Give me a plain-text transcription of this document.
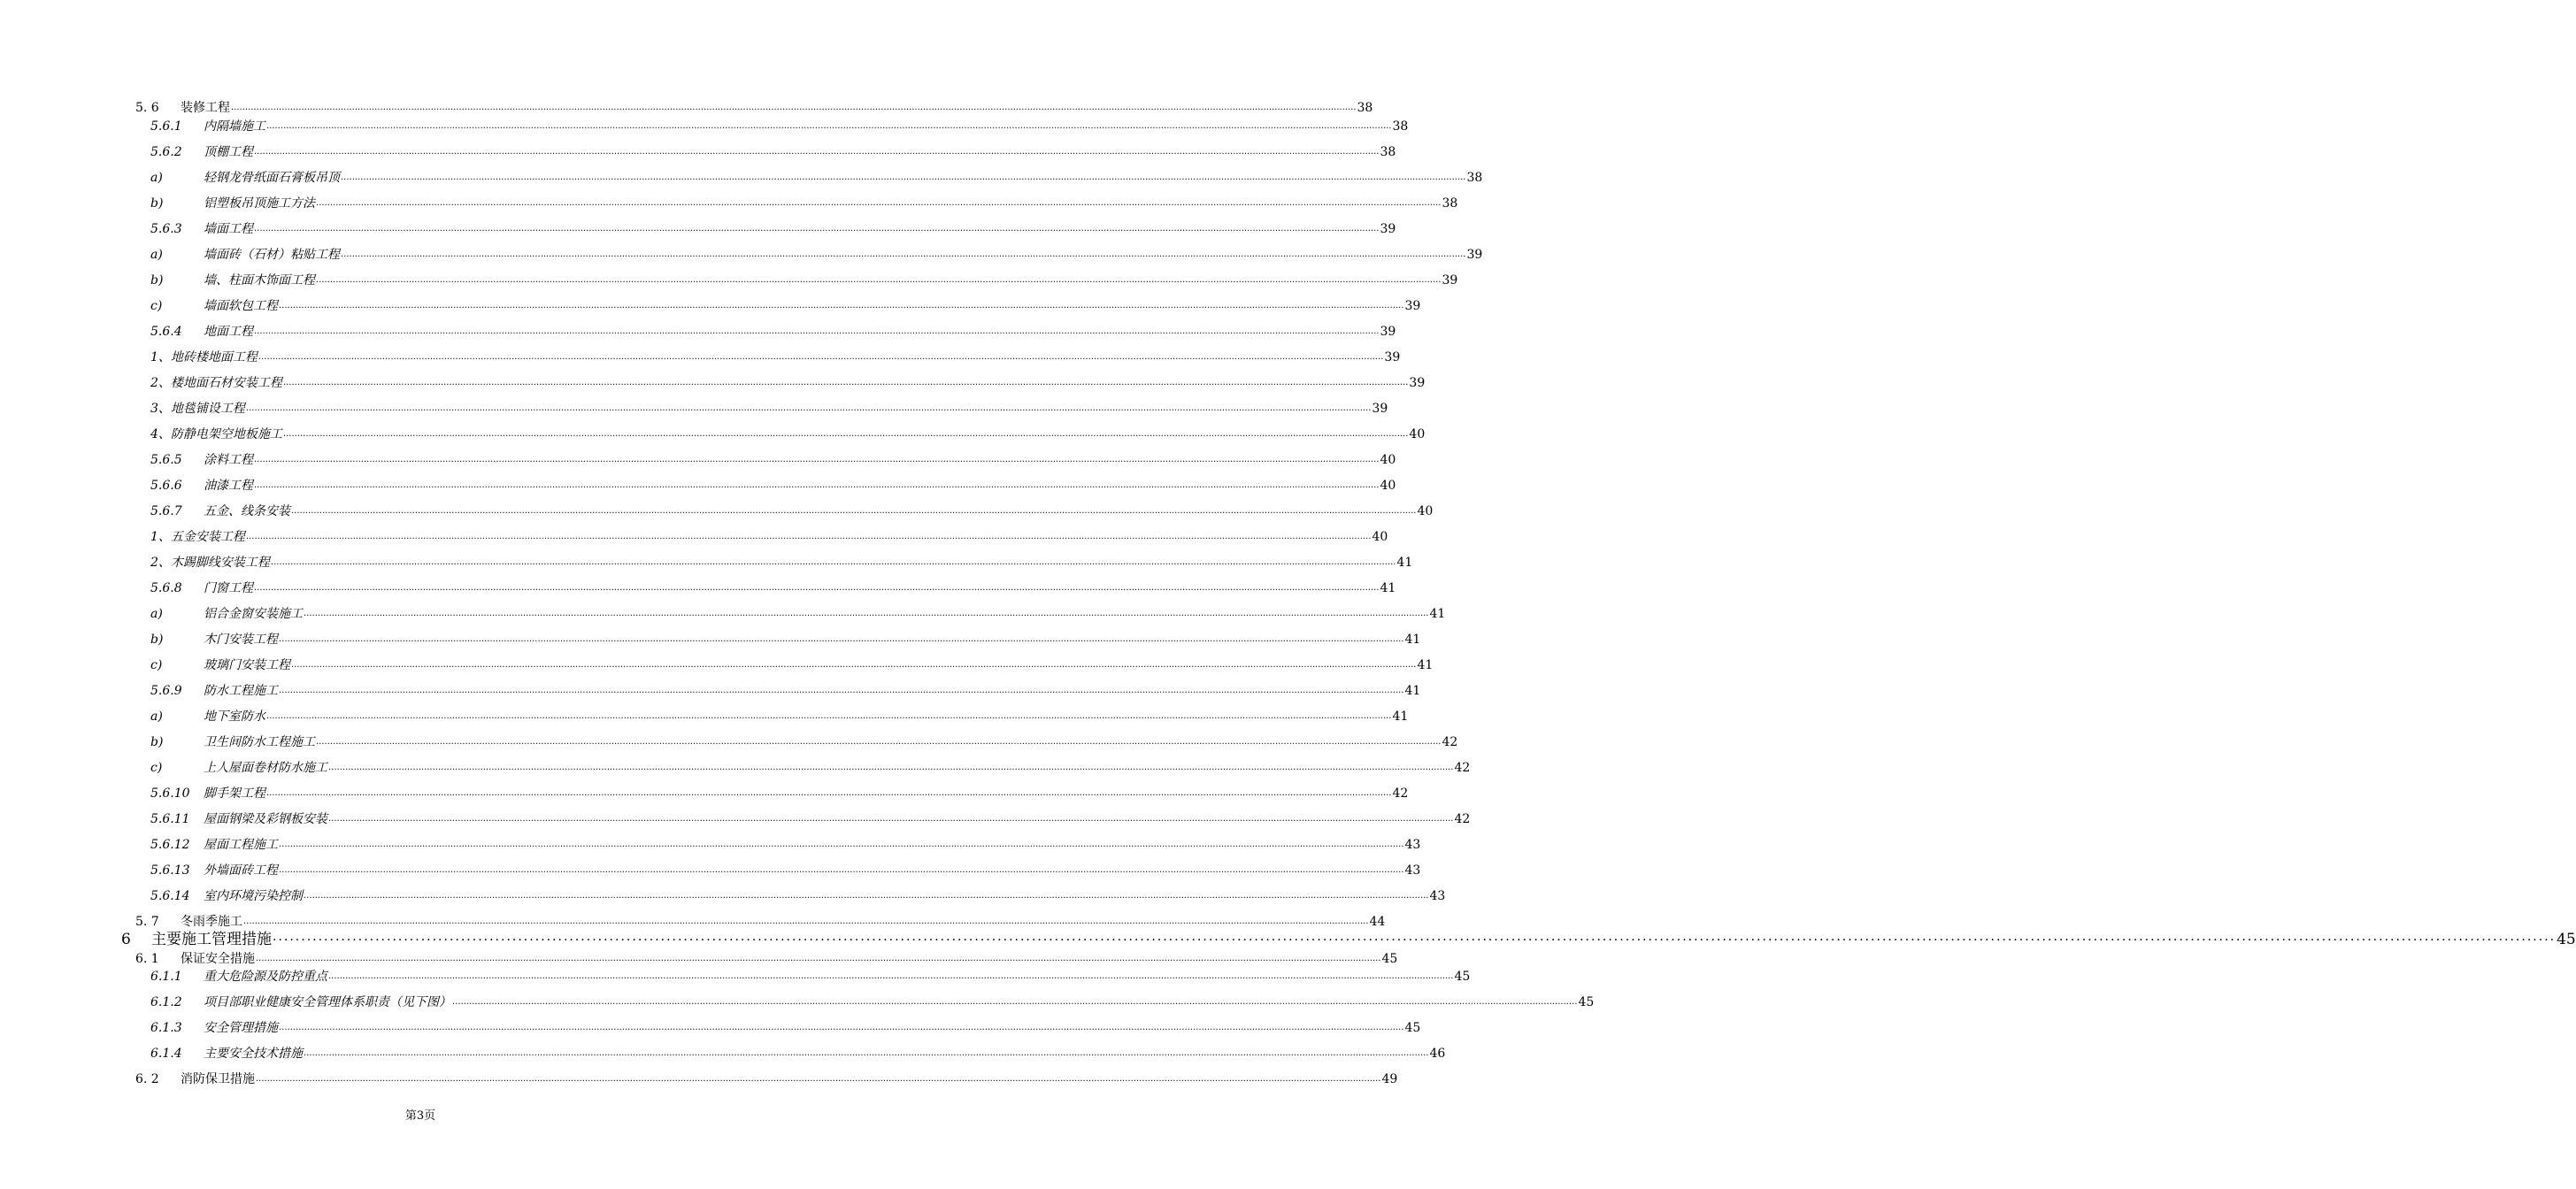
5. 6	装修工程 ................................................................................................................................................................................................................................................................................................................................................................................................................ 38
5.6.1	内隔墙施工 ................................................................................................................................................................................................................................................................................................................................................................................................................ 38
5.6.2	顶棚工程 ................................................................................................................................................................................................................................................................................................................................................................................................................ 38
a)	轻钢龙骨纸面石膏板吊顶 ................................................................................................................................................................................................................................................................................................................................................................................................................ 38
b)	铝塑板吊顶施工方法 ................................................................................................................................................................................................................................................................................................................................................................................................................ 38
5.6.3	墙面工程 ................................................................................................................................................................................................................................................................................................................................................................................................................ 39
a)	墙面砖（石材）粘贴工程 ................................................................................................................................................................................................................................................................................................................................................................................................................ 39
b)	墙、柱面木饰面工程 ................................................................................................................................................................................................................................................................................................................................................................................................................ 39
c)	墙面软包工程 ................................................................................................................................................................................................................................................................................................................................................................................................................ 39
5.6.4	地面工程 ................................................................................................................................................................................................................................................................................................................................................................................................................ 39
1、地砖楼地面工程 ................................................................................................................................................................................................................................................................................................................................................................................................................ 39
2、楼地面石材安装工程 ................................................................................................................................................................................................................................................................................................................................................................................................................ 39
3、地毯铺设工程 ................................................................................................................................................................................................................................................................................................................................................................................................................ 39
4、防静电架空地板施工 ................................................................................................................................................................................................................................................................................................................................................................................................................ 40
5.6.5	涂料工程 ................................................................................................................................................................................................................................................................................................................................................................................................................ 40
5.6.6	油漆工程 ................................................................................................................................................................................................................................................................................................................................................................................................................ 40
5.6.7	五金、线条安装 ................................................................................................................................................................................................................................................................................................................................................................................................................ 40
1、五金安装工程 ................................................................................................................................................................................................................................................................................................................................................................................................................ 40
2、木踢脚线安装工程 ................................................................................................................................................................................................................................................................................................................................................................................................................ 41
5.6.8	门窗工程 ................................................................................................................................................................................................................................................................................................................................................................................................................ 41
a)	铝合金窗安装施工 ................................................................................................................................................................................................................................................................................................................................................................................................................ 41
b)	木门安装工程 ................................................................................................................................................................................................................................................................................................................................................................................................................ 41
c)	玻璃门安装工程 ................................................................................................................................................................................................................................................................................................................................................................................................................ 41
5.6.9	防水工程施工 ................................................................................................................................................................................................................................................................................................................................................................................................................ 41
a)	地下室防水 ................................................................................................................................................................................................................................................................................................................................................................................................................ 41
b)	卫生间防水工程施工 ................................................................................................................................................................................................................................................................................................................................................................................................................ 42
c)	上人屋面卷材防水施工 ................................................................................................................................................................................................................................................................................................................................................................................................................ 42
5.6.10	脚手架工程 ................................................................................................................................................................................................................................................................................................................................................................................................................ 42
5.6.11	屋面钢梁及彩钢板安装 ................................................................................................................................................................................................................................................................................................................................................................................................................ 42
5.6.12	屋面工程施工 ................................................................................................................................................................................................................................................................................................................................................................................................................ 43
5.6.13	外墙面砖工程 ................................................................................................................................................................................................................................................................................................................................................................................................................ 43
5.6.14	室内环境污染控制 ................................................................................................................................................................................................................................................................................................................................................................................................................ 43
5. 7	冬雨季施工 ................................................................................................................................................................................................................................................................................................................................................................................................................ 44
6	主要施工管理措施 ................................................................................................................................................................................................................................................................................................................................................................................................................ 45
6. 1	保证安全措施 ................................................................................................................................................................................................................................................................................................................................................................................................................ 45
6.1.1	重大危险源及防控重点 ................................................................................................................................................................................................................................................................................................................................................................................................................ 45
6.1.2	项目部职业健康安全管理体系职责（见下图） ................................................................................................................................................................................................................................................................................................................................................................................................................ 45
6.1.3	安全管理措施 ................................................................................................................................................................................................................................................................................................................................................................................................................ 45
6.1.4	主要安全技术措施 ................................................................................................................................................................................................................................................................................................................................................................................................................ 46
6. 2	消防保卫措施 ................................................................................................................................................................................................................................................................................................................................................................................................................ 49
第3页
